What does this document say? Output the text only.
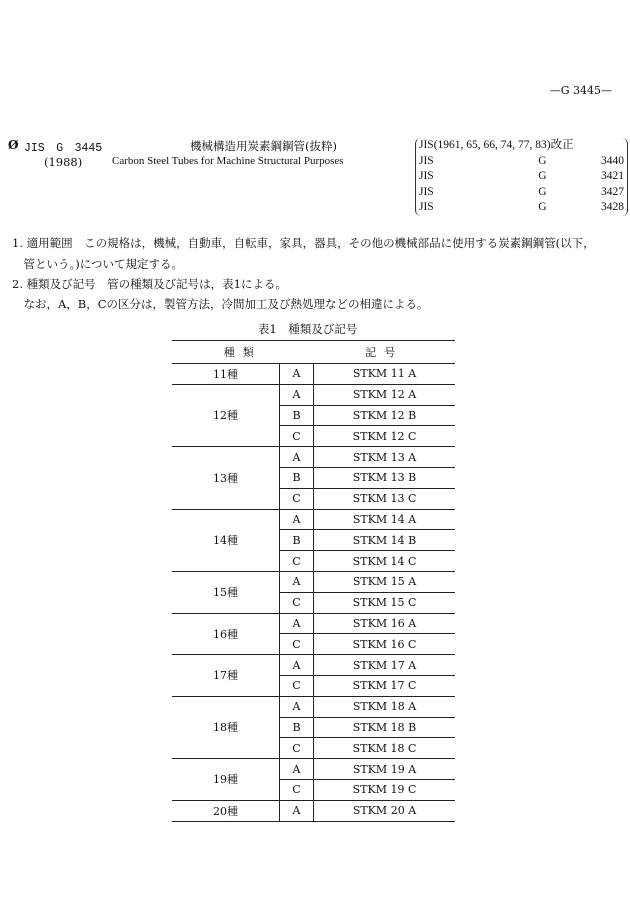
—G 3445—
Ø JIS　G　3445
(1988)
機械構造用炭素鋼鋼管(抜粋)
Carbon Steel Tubes for Machine Structural Purposes
JIS(1961, 65, 66, 74, 77, 83)改正
JIS	G	3440
JIS	G	3421
JIS	G	3427
JIS	G	3428
1. 適用範囲　この規格は，機械，自動車，自転車，家具，器具，その他の機械部品に使用する炭素鋼鋼管(以下，
　管という。)について規定する。
2. 種類及び記号　管の種類及び記号は，表1による。
　なお，A，B，Cの区分は，製管方法，冷間加工及び熱処理などの相違による。
表1　種類及び記号
種類		記号
11種	A	STKM 11 A
12種	A	STKM 12 A
	B	STKM 12 B
	C	STKM 12 C
13種	A	STKM 13 A
	B	STKM 13 B
	C	STKM 13 C
14種	A	STKM 14 A
	B	STKM 14 B
	C	STKM 14 C
15種	A	STKM 15 A
	C	STKM 15 C
16種	A	STKM 16 A
	C	STKM 16 C
17種	A	STKM 17 A
	C	STKM 17 C
18種	A	STKM 18 A
	B	STKM 18 B
	C	STKM 18 C
19種	A	STKM 19 A
	C	STKM 19 C
20種	A	STKM 20 A
